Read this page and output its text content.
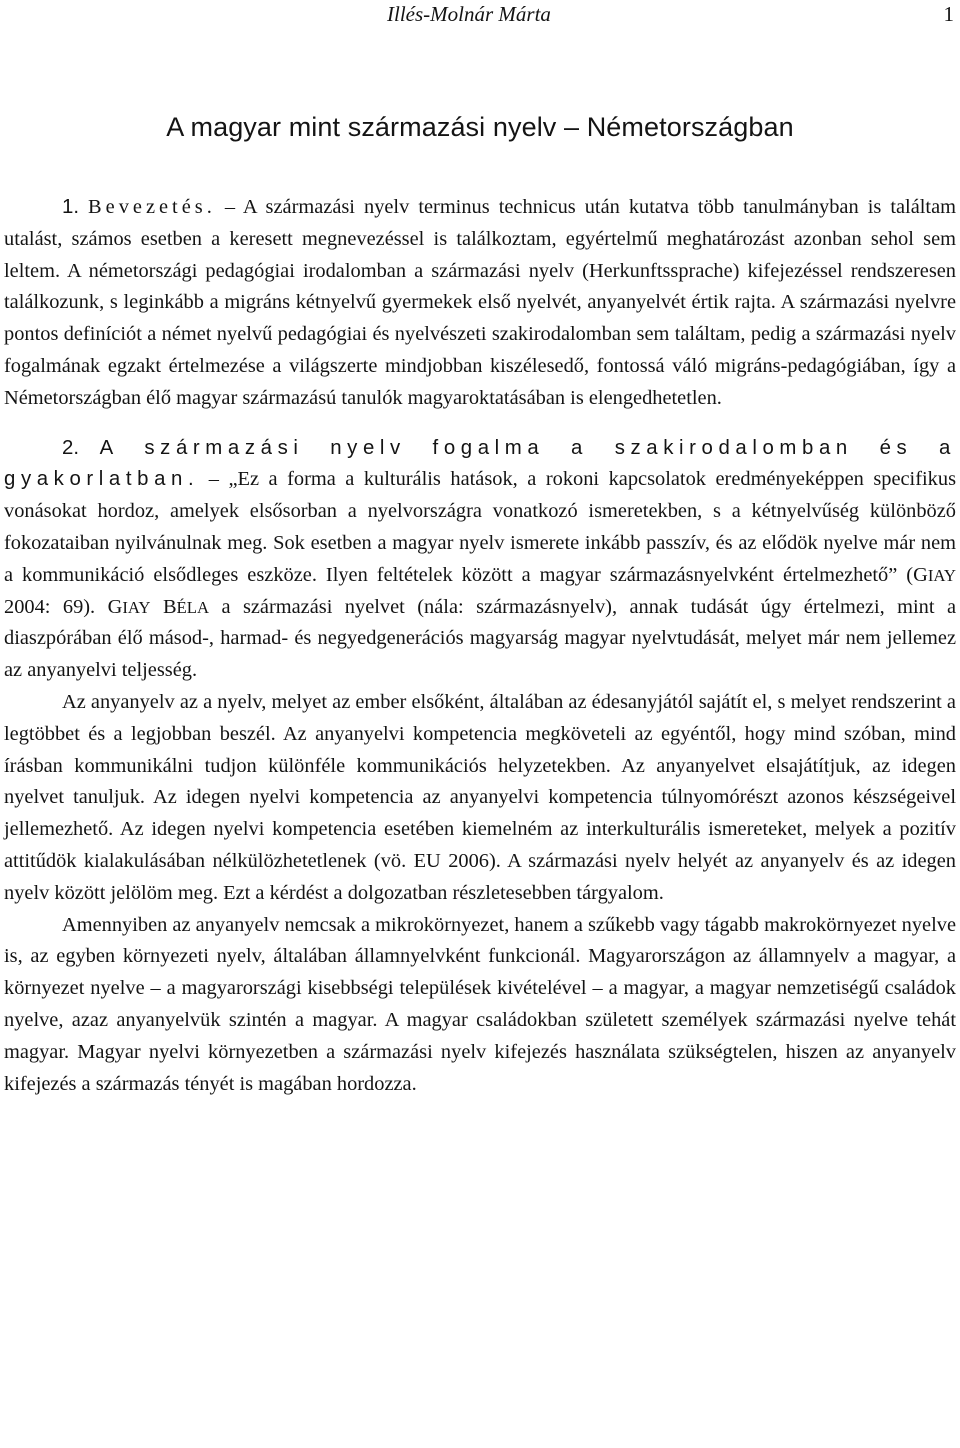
Illés-Molnár Márta	1
A magyar mint származási nyelv – Németországban

1. Bevezetés. – A származási nyelv terminus technicus után kutatva több tanulmányban is találtam utalást, számos esetben a keresett megnevezéssel is találkoztam, egyértelmű meghatározást azonban sehol sem leltem. A németországi pedagógiai irodalomban a származási nyelv (Herkunftssprache) kifejezéssel rendszeresen találkozunk, s leginkább a migráns kétnyelvű gyermekek első nyelvét, anyanyelvét értik rajta. A származási nyelvre pontos definíciót a német nyelvű pedagógiai és nyelvészeti szakirodalomban sem találtam, pedig a származási nyelv fogalmának egzakt értelmezése a világszerte mindjobban kiszélesedő, fontossá váló migráns-pedagógiában, így a Németországban élő magyar származású tanulók magyaroktatásában is elengedhetetlen.

2. A származási nyelv fogalma a szakirodalomban és a gyakorlatban. – „Ez a forma a kulturális hatások, a rokoni kapcsolatok eredményeképpen specifikus vonásokat hordoz, amelyek elsősorban a nyelvországra vonatkozó ismeretekben, s a kétnyelvűség különböző fokozataiban nyilvánulnak meg. Sok esetben a magyar nyelv ismerete inkább passzív, és az elődök nyelve már nem a kommunikáció elsődleges eszköze. Ilyen feltételek között a magyar származásnyelvként értelmezhető” (GIAY 2004: 69). GIAY BÉLA a származási nyelvet (nála: származásnyelv), annak tudását úgy értelmezi, mint a diaszpórában élő másod-, harmad- és negyedgenerációs magyarság magyar nyelvtudását, melyet már nem jellemez az anyanyelvi teljesség.

Az anyanyelv az a nyelv, melyet az ember elsőként, általában az édesanyjától sajátít el, s melyet rendszerint a legtöbbet és a legjobban beszél. Az anyanyelvi kompetencia megköveteli az egyéntől, hogy mind szóban, mind írásban kommunikálni tudjon különféle kommunikációs helyzetekben. Az anyanyelvet elsajátítjuk, az idegen nyelvet tanuljuk. Az idegen nyelvi kompetencia az anyanyelvi kompetencia túlnyomórészt azonos készségeivel jellemezhető. Az idegen nyelvi kompetencia esetében kiemelném az interkulturális ismereteket, melyek a pozitív attitűdök kialakulásában nélkülözhetetlenek (vö. EU 2006). A származási nyelv helyét az anyanyelv és az idegen nyelv között jelölöm meg. Ezt a kérdést a dolgozatban részletesebben tárgyalom.

Amennyiben az anyanyelv nemcsak a mikrokörnyezet, hanem a szűkebb vagy tágabb makrokörnyezet nyelve is, az egyben környezeti nyelv, általában államnyelvként funkcionál. Magyarországon az államnyelv a magyar, a környezet nyelve – a magyarországi kisebbségi települések kivételével – a magyar, a magyar nemzetiségű családok nyelve, azaz anyanyelvük szintén a magyar. A magyar családokban született személyek származási nyelve tehát magyar. Magyar nyelvi környezetben a származási nyelv kifejezés használata szükségtelen, hiszen az anyanyelv kifejezés a származás tényét is magában hordozza.
